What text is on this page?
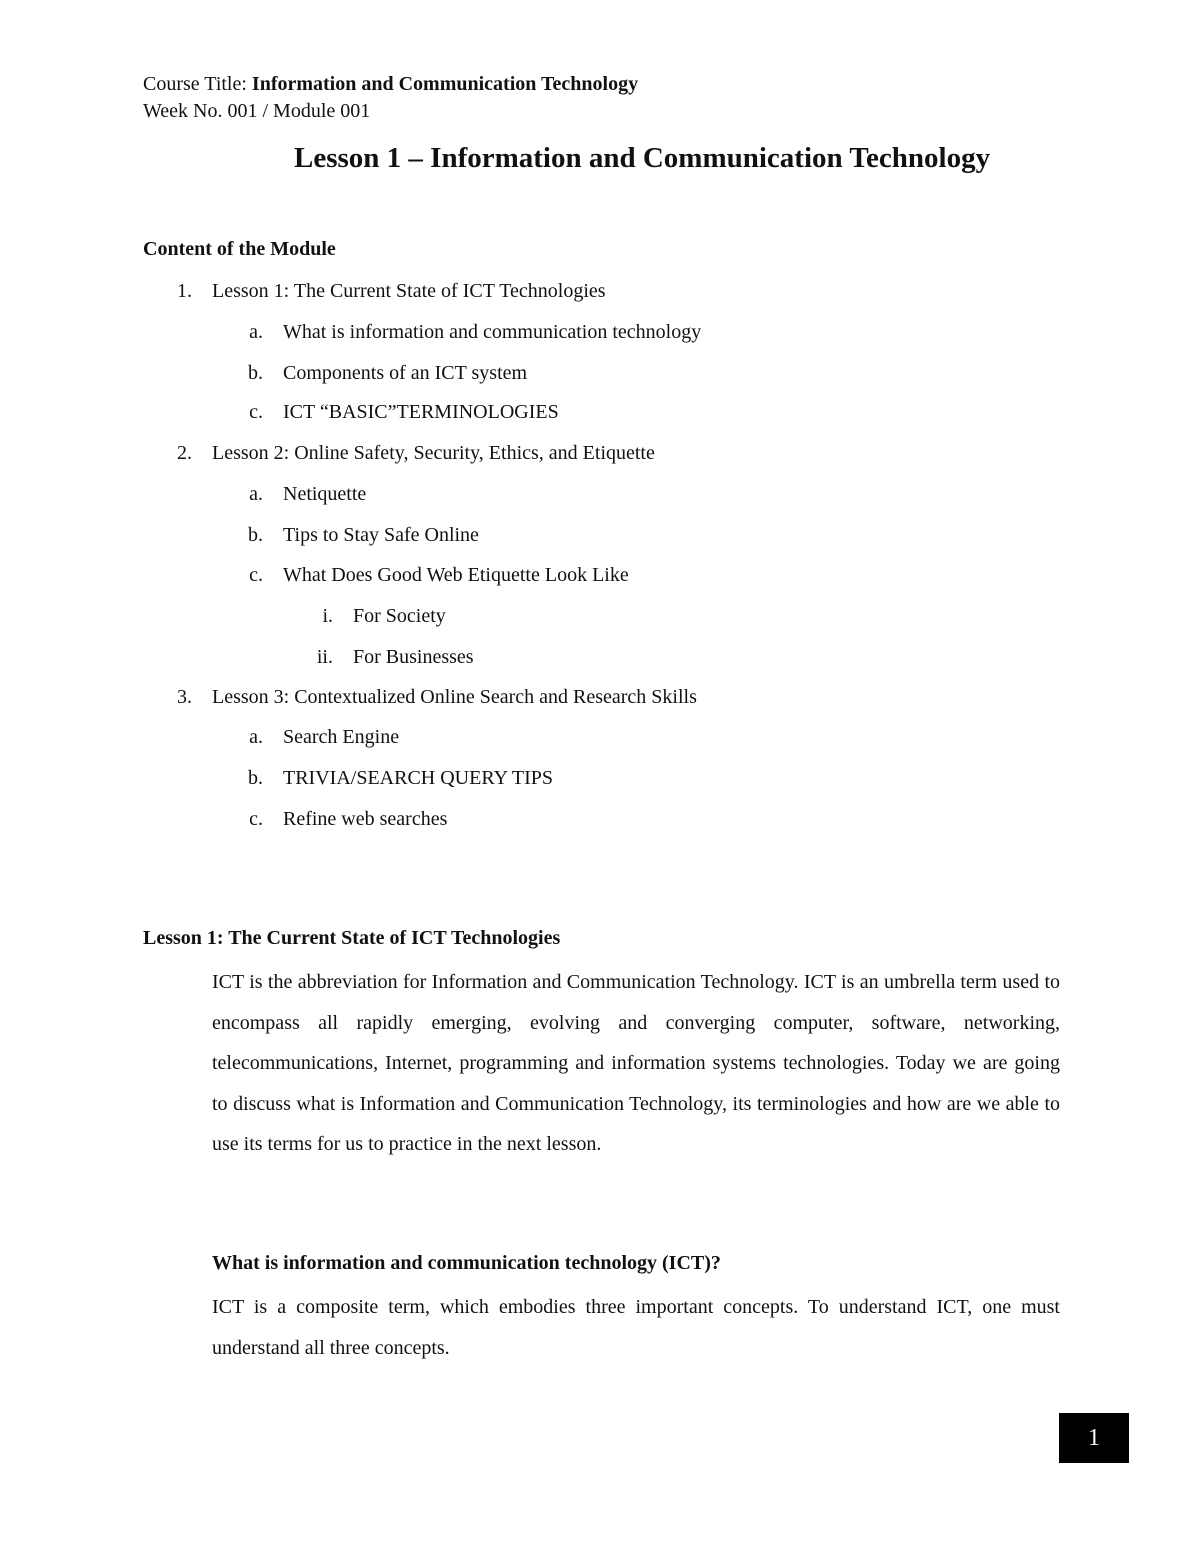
Course Title: Information and Communication Technology
Week No. 001 / Module 001
Lesson 1 – Information and Communication Technology
Content of the Module
1. Lesson 1: The Current State of ICT Technologies
a. What is information and communication technology
b. Components of an ICT system
c. ICT “BASIC”TERMINOLOGIES
2. Lesson 2: Online Safety, Security, Ethics, and Etiquette
a. Netiquette
b. Tips to Stay Safe Online
c. What Does Good Web Etiquette Look Like
i. For Society
ii. For Businesses
3. Lesson 3: Contextualized Online Search and Research Skills
a. Search Engine
b. TRIVIA/SEARCH QUERY TIPS
c. Refine web searches
Lesson 1: The Current State of ICT Technologies
ICT is the abbreviation for Information and Communication Technology. ICT is an umbrella term used to encompass all rapidly emerging, evolving and converging computer, software, networking, telecommunications, Internet, programming and information systems technologies. Today we are going to discuss what is Information and Communication Technology, its terminologies and how are we able to use its terms for us to practice in the next lesson.
What is information and communication technology (ICT)?
ICT is a composite term, which embodies three important concepts. To understand ICT, one must understand all three concepts.
1
